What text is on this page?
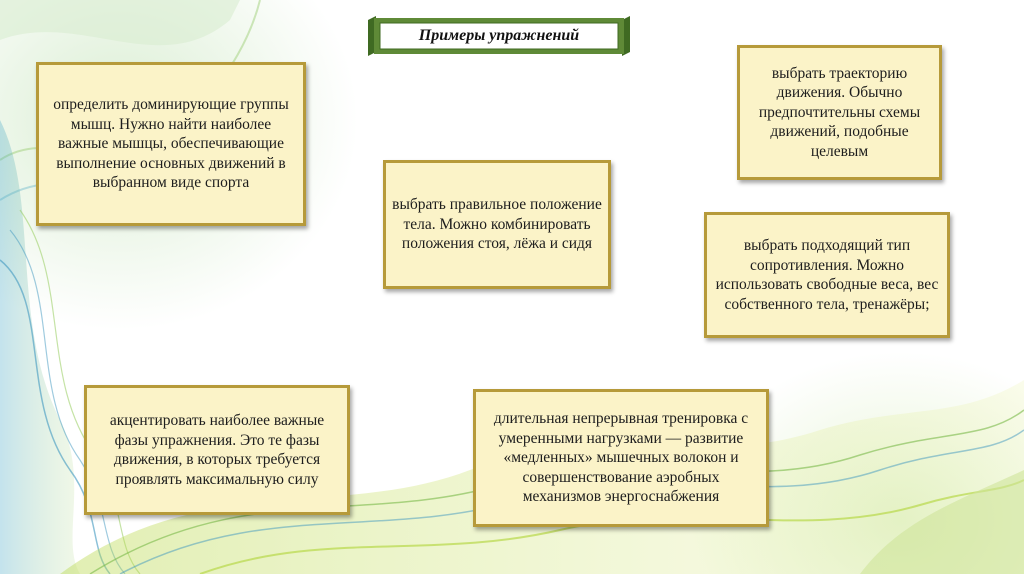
Примеры упражнений
определить доминирующие группы мышц. Нужно найти наиболее важные мышцы, обеспечивающие выполнение основных движений в выбранном виде спорта
выбрать правильное положение тела. Можно комбинировать положения стоя, лёжа и сидя
выбрать траекторию движения. Обычно предпочтительны схемы движений, подобные целевым
выбрать подходящий тип сопротивления. Можно использовать свободные веса, вес собственного тела, тренажёры;
акцентировать наиболее важные фазы упражнения. Это те фазы движения, в которых требуется проявлять максимальную силу
длительная непрерывная тренировка с умеренными нагрузками — развитие «медленных» мышечных волокон и совершенствование аэробных механизмов энергоснабжения
